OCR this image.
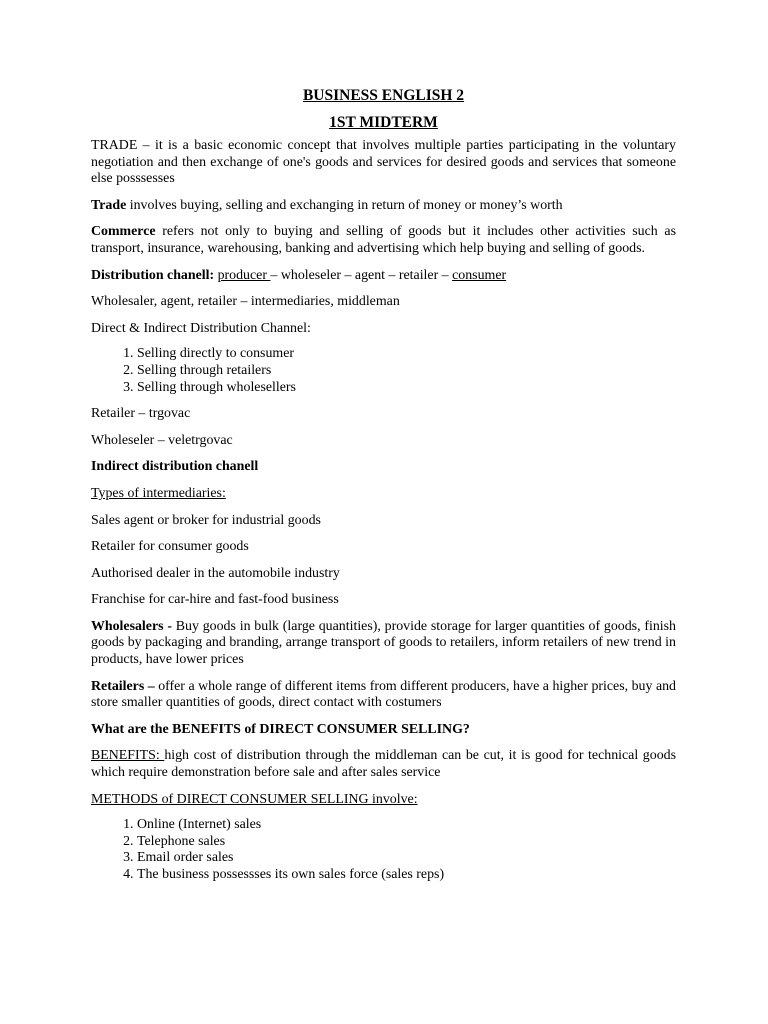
BUSINESS ENGLISH 2
1ST MIDTERM

TRADE – it is a basic economic concept that involves multiple parties participating in the voluntary negotiation and then exchange of one's goods and services for desired goods and services that someone else posssesses

Trade involves buying, selling and exchanging in return of money or money’s worth

Commerce refers not only to buying and selling of goods but it includes other activities such as transport, insurance, warehousing, banking and advertising which help buying and selling of goods.

Distribution chanell: producer – wholeseler – agent – retailer – consumer

Wholesaler, agent, retailer – intermediaries, middleman

Direct & Indirect Distribution Channel:

1. Selling directly to consumer
2. Selling through retailers
3. Selling through wholesellers

Retailer – trgovac

Wholeseler – veletrgovac

Indirect distribution chanell

Types of intermediaries:

Sales agent or broker for industrial goods

Retailer for consumer goods

Authorised dealer in the automobile industry

Franchise for car-hire and fast-food business

Wholesalers - Buy goods in bulk (large quantities), provide storage for larger quantities of goods, finish goods by packaging and branding, arrange transport of goods to retailers, inform retailers of new trend in products, have lower prices

Retailers – offer a whole range of different items from different producers, have a higher prices, buy and store smaller quantities of goods, direct contact with costumers

What are the BENEFITS of DIRECT CONSUMER SELLING?

BENEFITS: high cost of distribution through the middleman can be cut, it is good for technical goods which require demonstration before sale and after sales service

METHODS of DIRECT CONSUMER SELLING involve:

1. Online (Internet) sales
2. Telephone sales
3. Email order sales
4. The business possessses its own sales force (sales reps)
